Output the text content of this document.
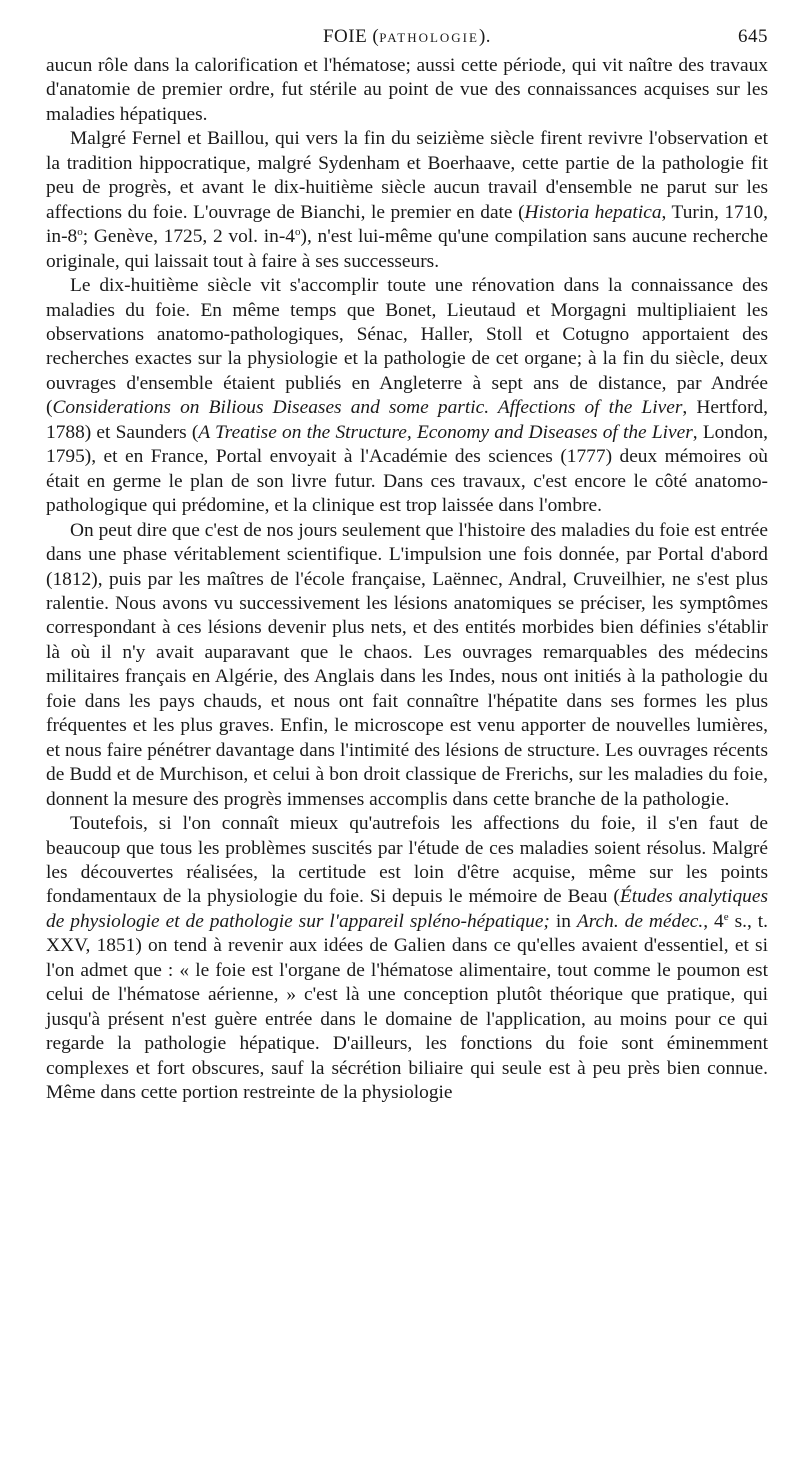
FOIE (PATHOLOGIE).	645

aucun rôle dans la calorification et l'hématose; aussi cette période, qui vit naître des travaux d'anatomie de premier ordre, fut stérile au point de vue des connaissances acquises sur les maladies hépatiques.

Malgré Fernel et Baillou, qui vers la fin du seizième siècle firent revivre l'observation et la tradition hippocratique, malgré Sydenham et Boerhaave, cette partie de la pathologie fit peu de progrès, et avant le dix-huitième siècle aucun travail d'ensemble ne parut sur les affections du foie. L'ouvrage de Bianchi, le premier en date (Historia hepatica, Turin, 1710, in-8$^o$; Genève, 1725, 2 vol. in-4$^o$), n'est lui-même qu'une compilation sans aucune recherche originale, qui laissait tout à faire à ses successeurs.

Le dix-huitième siècle vit s'accomplir toute une rénovation dans la connaissance des maladies du foie. En même temps que Bonet, Lieutaud et Morgagni multipliaient les observations anatomo-pathologiques, Sénac, Haller, Stoll et Cotugno apportaient des recherches exactes sur la physiologie et la pathologie de cet organe; à la fin du siècle, deux ouvrages d'ensemble étaient publiés en Angleterre à sept ans de distance, par Andrée (Considerations on Bilious Diseases and some partic. Affections of the Liver, Hertford, 1788) et Saunders (A Treatise on the Structure, Economy and Diseases of the Liver, London, 1795), et en France, Portal envoyait à l'Académie des sciences (1777) deux mémoires où était en germe le plan de son livre futur. Dans ces travaux, c'est encore le côté anatomo-pathologique qui prédomine, et la clinique est trop laissée dans l'ombre.

On peut dire que c'est de nos jours seulement que l'histoire des maladies du foie est entrée dans une phase véritablement scientifique. L'impulsion une fois donnée, par Portal d'abord (1812), puis par les maîtres de l'école française, Laënnec, Andral, Cruveilhier, ne s'est plus ralentie. Nous avons vu successivement les lésions anatomiques se préciser, les symptômes correspondant à ces lésions devenir plus nets, et des entités morbides bien définies s'établir là où il n'y avait auparavant que le chaos. Les ouvrages remarquables des médecins militaires français en Algérie, des Anglais dans les Indes, nous ont initiés à la pathologie du foie dans les pays chauds, et nous ont fait connaître l'hépatite dans ses formes les plus fréquentes et les plus graves. Enfin, le microscope est venu apporter de nouvelles lumières, et nous faire pénétrer davantage dans l'intimité des lésions de structure. Les ouvrages récents de Budd et de Murchison, et celui à bon droit classique de Frerichs, sur les maladies du foie, donnent la mesure des progrès immenses accomplis dans cette branche de la pathologie.

Toutefois, si l'on connaît mieux qu'autrefois les affections du foie, il s'en faut de beaucoup que tous les problèmes suscités par l'étude de ces maladies soient résolus. Malgré les découvertes réalisées, la certitude est loin d'être acquise, même sur les points fondamentaux de la physiologie du foie. Si depuis le mémoire de Beau (Études analytiques de physiologie et de pathologie sur l'appareil spléno-hépatique; in Arch. de médec., 4e s., t. XXV, 1851) on tend à revenir aux idées de Galien dans ce qu'elles avaient d'essentiel, et si l'on admet que : « le foie est l'organe de l'hématose alimentaire, tout comme le poumon est celui de l'hématose aérienne, » c'est là une conception plutôt théorique que pratique, qui jusqu'à présent n'est guère entrée dans le domaine de l'application, au moins pour ce qui regarde la pathologie hépatique. D'ailleurs, les fonctions du foie sont éminemment complexes et fort obscures, sauf la sécrétion biliaire qui seule est à peu près bien connue. Même dans cette portion restreinte de la physiologie
